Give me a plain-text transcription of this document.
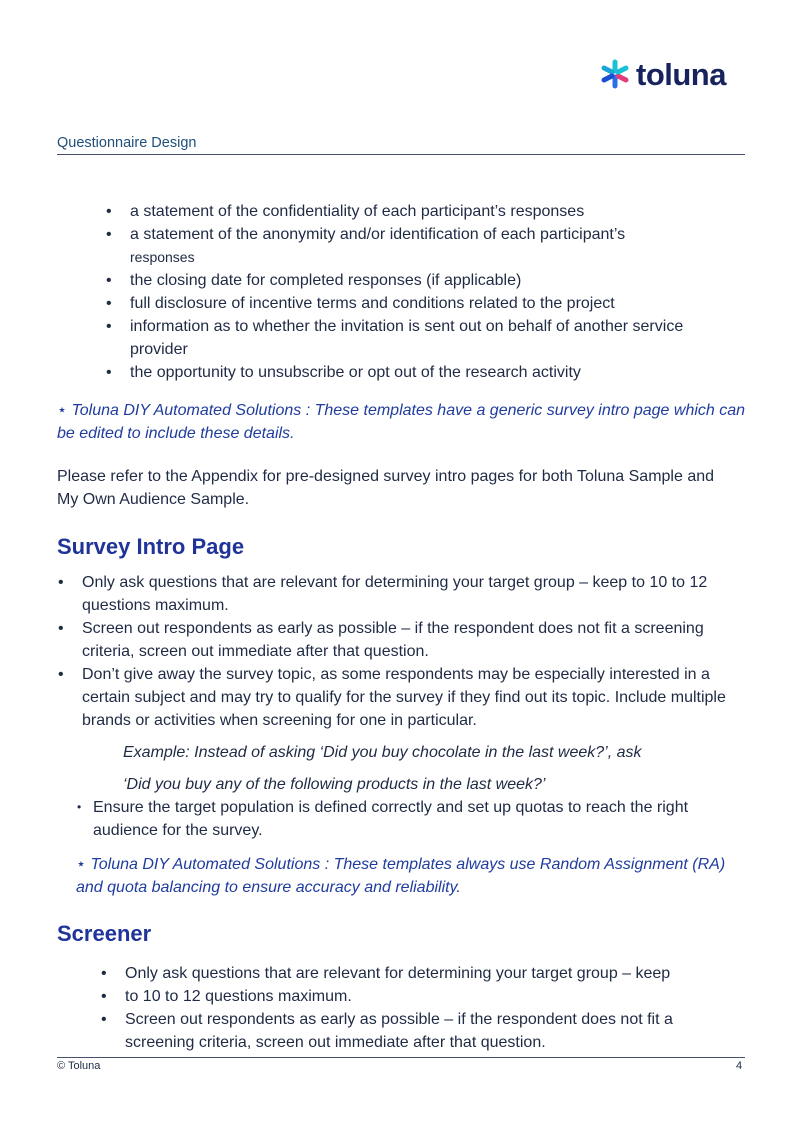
toluna
Questionnaire Design
• a statement of the confidentiality of each participant’s responses
• a statement of the anonymity and/or identification of each participant’s
responses
• the closing date for completed responses (if applicable)
• full disclosure of incentive terms and conditions related to the project
• information as to whether the invitation is sent out on behalf of another service provider
• the opportunity to unsubscribe or opt out of the research activity
⋆ Toluna DIY Automated Solutions : These templates have a generic survey intro page which can be edited to include these details.
Please refer to the Appendix for pre-designed survey intro pages for both Toluna Sample and My Own Audience Sample.
Survey Intro Page
• Only ask questions that are relevant for determining your target group – keep to 10 to 12 questions maximum.
• Screen out respondents as early as possible – if the respondent does not fit a screening criteria, screen out immediate after that question.
• Don’t give away the survey topic, as some respondents may be especially interested in a certain subject and may try to qualify for the survey if they find out its topic. Include multiple brands or activities when screening for one in particular.
Example: Instead of asking ‘Did you buy chocolate in the last week?’, ask
‘Did you buy any of the following products in the last week?’
• Ensure the target population is defined correctly and set up quotas to reach the right audience for the survey.
⋆ Toluna DIY Automated Solutions : These templates always use Random Assignment (RA) and quota balancing to ensure accuracy and reliability.
Screener
• Only ask questions that are relevant for determining your target group – keep
• to 10 to 12 questions maximum.
• Screen out respondents as early as possible – if the respondent does not fit a screening criteria, screen out immediate after that question.
© Toluna	4
